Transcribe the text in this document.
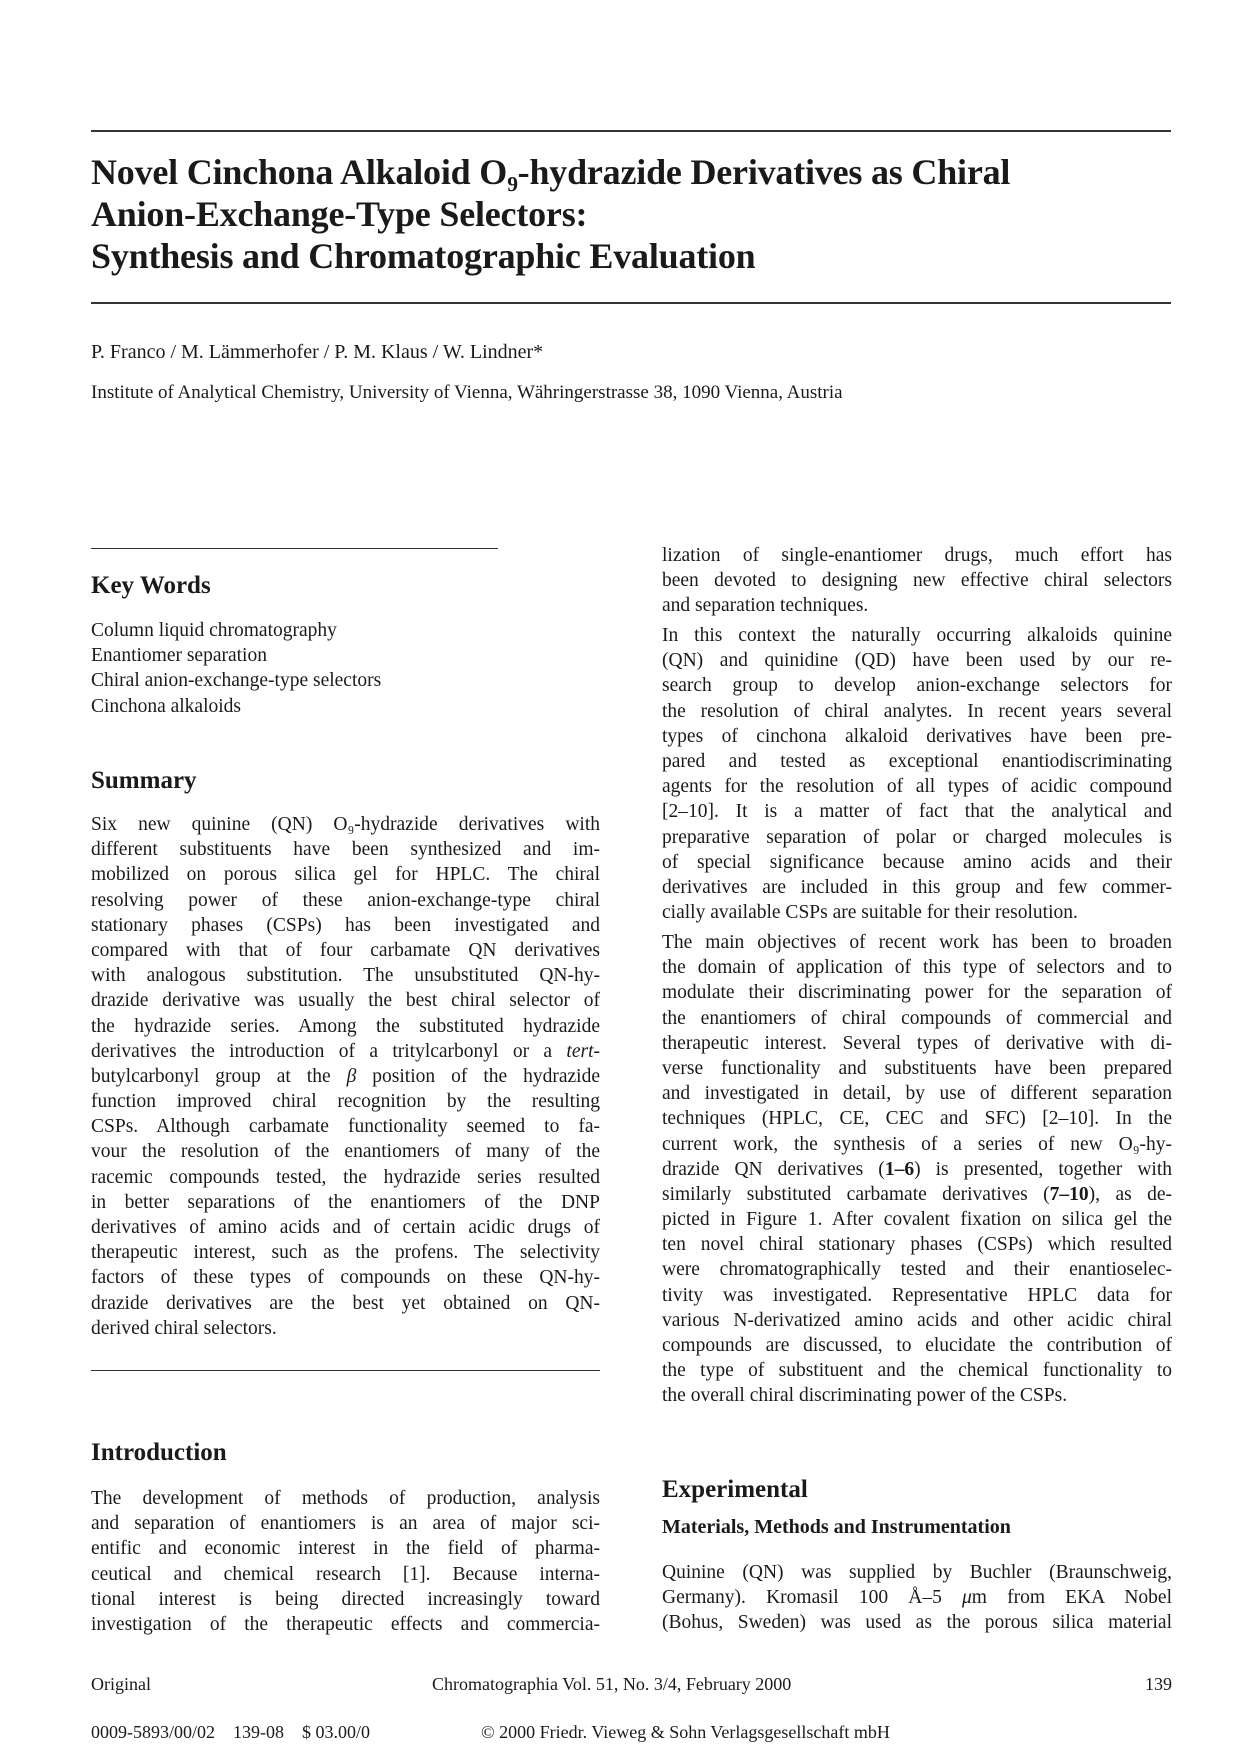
Novel Cinchona Alkaloid O₉-hydrazide Derivatives as Chiral
Anion-Exchange-Type Selectors:
Synthesis and Chromatographic Evaluation
P. Franco / M. Lämmerhofer / P. M. Klaus / W. Lindner*
Institute of Analytical Chemistry, University of Vienna, Währingerstrasse 38, 1090 Vienna, Austria
Key Words
Column liquid chromatography
Enantiomer separation
Chiral anion-exchange-type selectors
Cinchona alkaloids
Summary
Six new quinine (QN) O₉-hydrazide derivatives with
different substituents have been synthesized and im-
mobilized on porous silica gel for HPLC. The chiral
resolving power of these anion-exchange-type chiral
stationary phases (CSPs) has been investigated and
compared with that of four carbamate QN derivatives
with analogous substitution. The unsubstituted QN-hy-
drazide derivative was usually the best chiral selector of
the hydrazide series. Among the substituted hydrazide
derivatives the introduction of a tritylcarbonyl or a tert-
butylcarbonyl group at the β position of the hydrazide
function improved chiral recognition by the resulting
CSPs. Although carbamate functionality seemed to fa-
vour the resolution of the enantiomers of many of the
racemic compounds tested, the hydrazide series resulted
in better separations of the enantiomers of the DNP
derivatives of amino acids and of certain acidic drugs of
therapeutic interest, such as the profens. The selectivity
factors of these types of compounds on these QN-hy-
drazide derivatives are the best yet obtained on QN-
derived chiral selectors.
Introduction
The development of methods of production, analysis
and separation of enantiomers is an area of major sci-
entific and economic interest in the field of pharma-
ceutical and chemical research [1]. Because interna-
tional interest is being directed increasingly toward
investigation of the therapeutic effects and commercia-
lization of single-enantiomer drugs, much effort has
been devoted to designing new effective chiral selectors
and separation techniques.
In this context the naturally occurring alkaloids quinine
(QN) and quinidine (QD) have been used by our re-
search group to develop anion-exchange selectors for
the resolution of chiral analytes. In recent years several
types of cinchona alkaloid derivatives have been pre-
pared and tested as exceptional enantiodiscriminating
agents for the resolution of all types of acidic compound
[2–10]. It is a matter of fact that the analytical and
preparative separation of polar or charged molecules is
of special significance because amino acids and their
derivatives are included in this group and few commer-
cially available CSPs are suitable for their resolution.
The main objectives of recent work has been to broaden
the domain of application of this type of selectors and to
modulate their discriminating power for the separation of
the enantiomers of chiral compounds of commercial and
therapeutic interest. Several types of derivative with di-
verse functionality and substituents have been prepared
and investigated in detail, by use of different separation
techniques (HPLC, CE, CEC and SFC) [2–10]. In the
current work, the synthesis of a series of new O₉-hy-
drazide QN derivatives (1–6) is presented, together with
similarly substituted carbamate derivatives (7–10), as de-
picted in Figure 1. After covalent fixation on silica gel the
ten novel chiral stationary phases (CSPs) which resulted
were chromatographically tested and their enantioselec-
tivity was investigated. Representative HPLC data for
various N-derivatized amino acids and other acidic chiral
compounds are discussed, to elucidate the contribution of
the type of substituent and the chemical functionality to
the overall chiral discriminating power of the CSPs.
Experimental
Materials, Methods and Instrumentation
Quinine (QN) was supplied by Buchler (Braunschweig,
Germany). Kromasil 100 Å–5 μm from EKA Nobel
(Bohus, Sweden) was used as the porous silica material
Original	Chromatographia Vol. 51, No. 3/4, February 2000	139
0009-5893/00/02    139-08    $ 03.00/0	© 2000 Friedr. Vieweg & Sohn Verlagsgesellschaft mbH
